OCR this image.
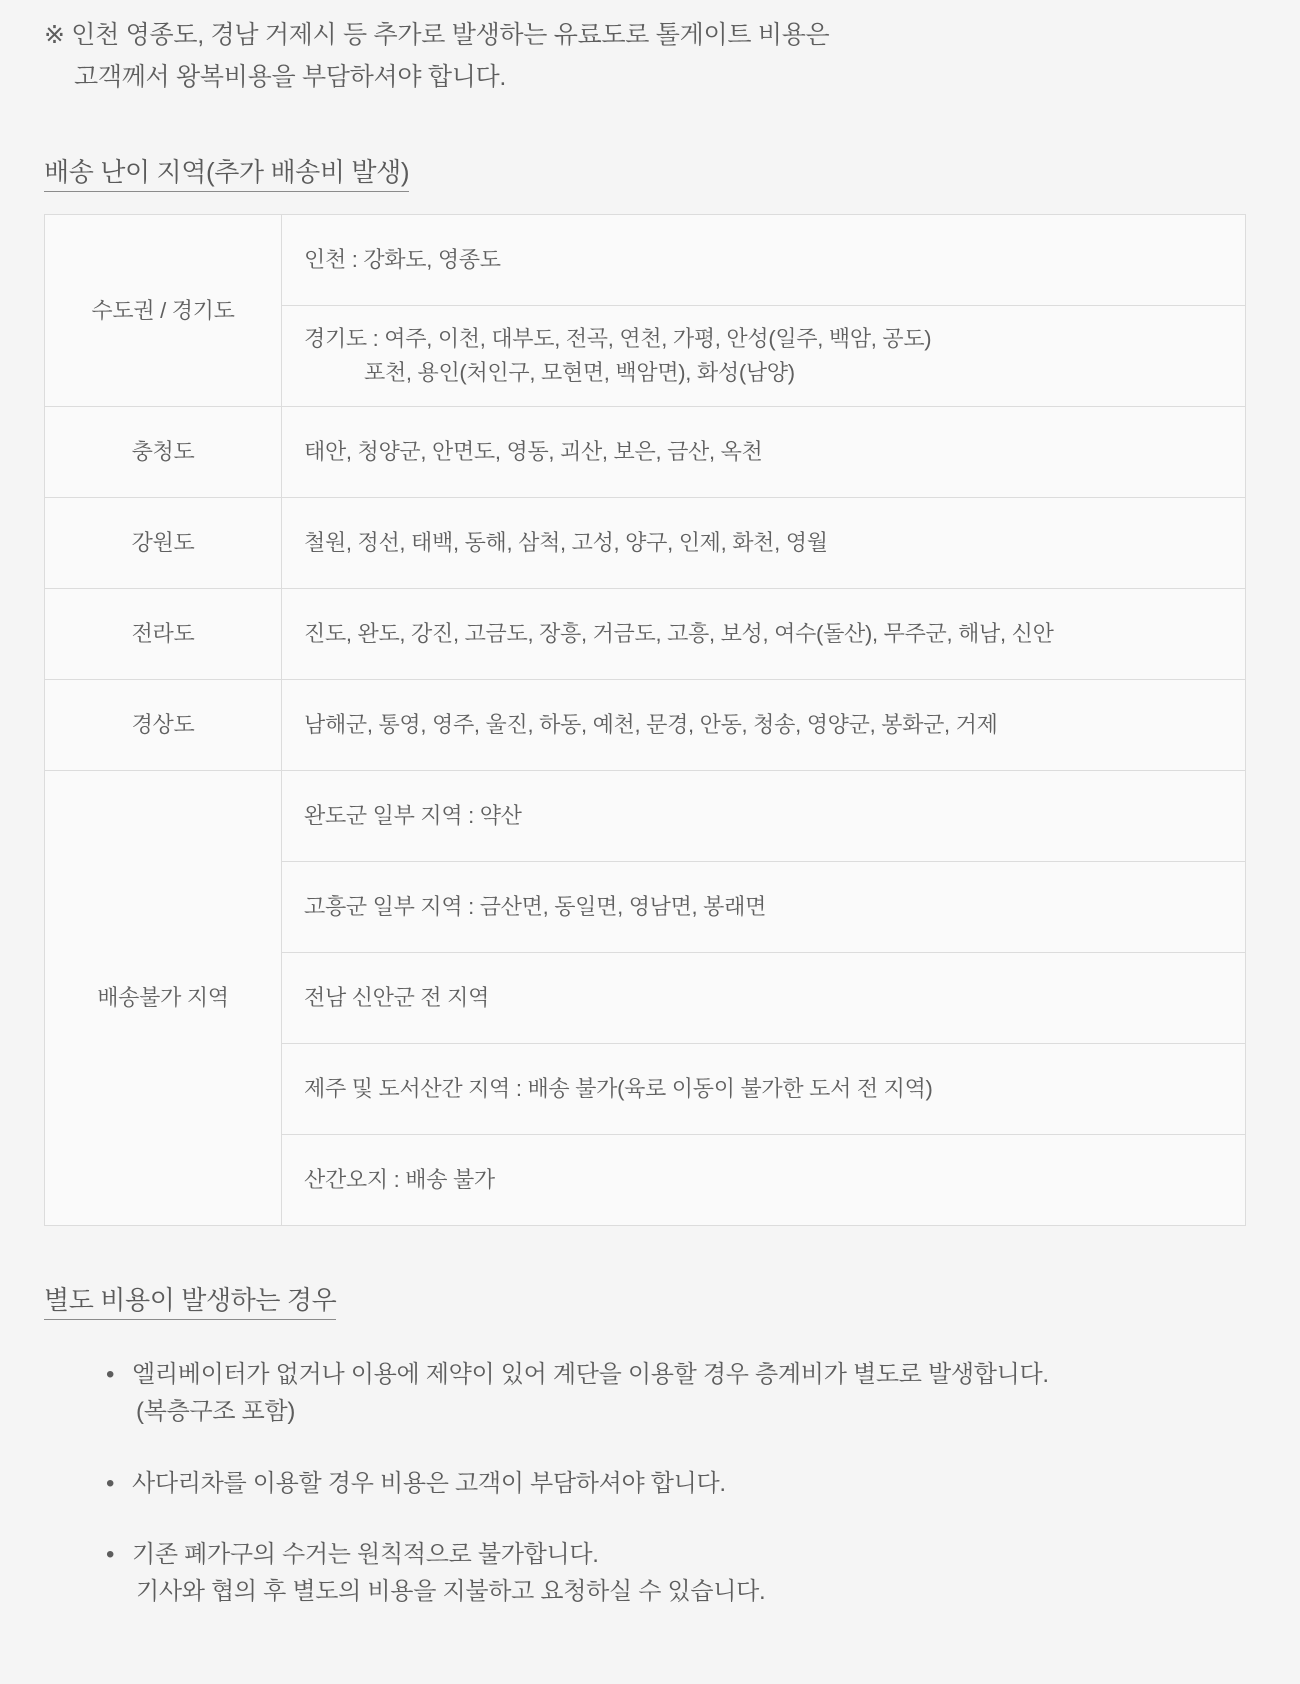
※ 인천 영종도, 경남 거제시 등 추가로 발생하는 유료도로 톨게이트 비용은
고객께서 왕복비용을 부담하셔야 합니다.
배송 난이 지역(추가 배송비 발생)
수도권 / 경기도	인천 : 강화도, 영종도
	경기도 : 여주, 이천, 대부도, 전곡, 연천, 가평, 안성(일주, 백암, 공도)
포천, 용인(처인구, 모현면, 백암면), 화성(남양)

충청도	태안, 청양군, 안면도, 영동, 괴산, 보은, 금산, 옥천
강원도	철원, 정선, 태백, 동해, 삼척, 고성, 양구, 인제, 화천, 영월
전라도	진도, 완도, 강진, 고금도, 장흥, 거금도, 고흥, 보성, 여수(돌산), 무주군, 해남, 신안
경상도	남해군, 통영, 영주, 울진, 하동, 예천, 문경, 안동, 청송, 영양군, 봉화군, 거제
배송불가 지역	완도군 일부 지역 : 약산
	고흥군 일부 지역 : 금산면, 동일면, 영남면, 봉래면
	전남 신안군 전 지역
	제주 및 도서산간 지역 : 배송 불가(육로 이동이 불가한 도서 전 지역)
	산간오지 : 배송 불가
별도 비용이 발생하는 경우
• 엘리베이터가 없거나 이용에 제약이 있어 계단을 이용할 경우 층계비가 별도로 발생합니다.
(복층구조 포함)
• 사다리차를 이용할 경우 비용은 고객이 부담하셔야 합니다.
• 기존 폐가구의 수거는 원칙적으로 불가합니다.
기사와 협의 후 별도의 비용을 지불하고 요청하실 수 있습니다.
